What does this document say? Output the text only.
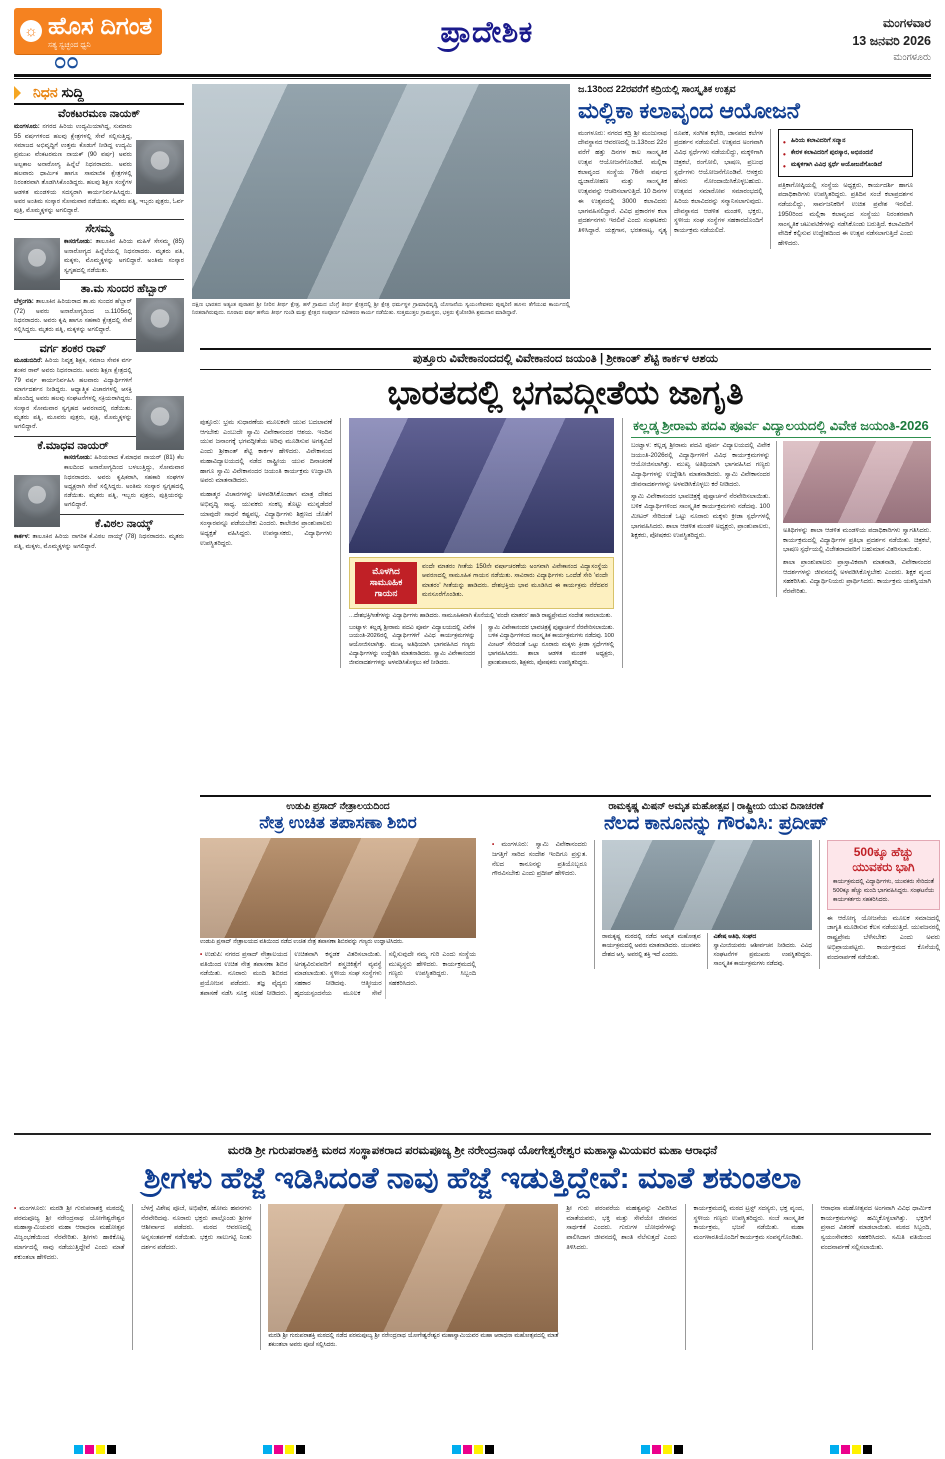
☼ ಹೊಸ ದಿಗಂತ
ಸತ್ಯ ಸ್ವಚ್ಛಂದ ಧ್ವನಿ
೦೦
ಪ್ರಾದೇಶಿಕ	ಮಂಗಳವಾರ
13 ಜನವರಿ 2026
ಮಂಗಳೂರು
ನಿಧನ ಸುದ್ದಿ
ವೆಂಕಟರಮಣ ನಾಯಕ್
ಮಂಗಳೂರು: ನಗರದ ಹಿರಿಯ ಉದ್ಯಮಿಯಾಗಿದ್ದ, ಸುಮಾರು 55 ವರ್ಷಗಳಿಂದ ಹಲವು ಕ್ಷೇತ್ರಗಳಲ್ಲಿ ಸೇವೆ ಸಲ್ಲಿಸುತ್ತಿದ್ದ, ಸಮಾಜದ ಅಭಿವೃದ್ಧಿಗೆ ಉತ್ತಮ ಕೊಡುಗೆ ನೀಡಿದ್ದ ಉದ್ಯಮಿ ಪ್ರಮುಖ ವೆಂಕಟರಮಣ ನಾಯಕ್ (90 ವರ್ಷ) ಅವರು ಅಲ್ಪಕಾಲ ಅನಾರೋಗ್ಯ ಹಿನ್ನೆಲೆ ನಿಧನರಾದರು. ಅವರು ಹಲವಾರು ಧಾರ್ಮಿಕ ಹಾಗೂ ಸಾಮಾಜಿಕ ಕ್ಷೇತ್ರಗಳಲ್ಲಿ ನಿರಂತರವಾಗಿ ತೊಡಗಿಸಿಕೊಂಡಿದ್ದರು. ಹಲವು ಶಿಕ್ಷಣ ಸಂಸ್ಥೆಗಳ ಆಡಳಿತ ಮಂಡಳಿಯ ಸದಸ್ಯರಾಗಿ ಕಾರ್ಯನಿರ್ವಹಿಸಿದ್ದರು. ಅವರ ಅಂತಿಮ ಸಂಸ್ಕಾರ ಸೋಮವಾರ ನಡೆಯಿತು. ಮೃತರು ಪತ್ನಿ, ಇಬ್ಬರು ಪುತ್ರರು, ಓರ್ವ ಪುತ್ರಿ, ಮೊಮ್ಮಕ್ಕಳನ್ನು ಅಗಲಿದ್ದಾರೆ.
ಸೇಸಮ್ಮ
ಕಾಸರಗೋಡು: ತಾಲೂಕಿನ ಹಿರಿಯ ಮಹಿಳೆ ಸೇಸಮ್ಮ (85) ಅನಾರೋಗ್ಯದ ಹಿನ್ನೆಲೆಯಲ್ಲಿ ನಿಧನರಾದರು. ಮೃತರು ಪತಿ, ಮಕ್ಕಳು, ಮೊಮ್ಮಕ್ಕಳನ್ನು ಅಗಲಿದ್ದಾರೆ. ಅಂತಿಮ ಸಂಸ್ಕಾರ ಸ್ವಗೃಹದಲ್ಲಿ ನಡೆಯಿತು.
ತಾ.ಮ ಸುಂದರ ಹೆಬ್ಬಾರ್
ಬೆಳ್ತಂಗಡಿ: ತಾಲೂಕಿನ ಹಿರಿಯರಾದ ತಾ.ಮ ಸುಂದರ ಹೆಬ್ಬಾರ್ (72) ಅವರು ಅನಾರೋಗ್ಯದಿಂದ ಜ.1105ರಲ್ಲಿ ನಿಧನರಾದರು. ಅವರು ಕೃಷಿ ಹಾಗೂ ಸಹಕಾರಿ ಕ್ಷೇತ್ರದಲ್ಲಿ ಸೇವೆ ಸಲ್ಲಿಸಿದ್ದರು. ಮೃತರು ಪತ್ನಿ, ಮಕ್ಕಳನ್ನು ಅಗಲಿದ್ದಾರೆ.
ವರ್ಗ ಶಂಕರ ರಾವ್
ಮೂಡುಬಿದಿರೆ: ಹಿರಿಯ ನಿವೃತ್ತ ಶಿಕ್ಷಕ, ಸಮಾಜ ಸೇವಕ ವರ್ಗ ಶಂಕರ ರಾವ್ ಅವರು ನಿಧನರಾದರು. ಅವರು ಶಿಕ್ಷಣ ಕ್ಷೇತ್ರದಲ್ಲಿ 79 ವರ್ಷ ಕಾರ್ಯನಿರ್ವಹಿಸಿ ಹಲವಾರು ವಿದ್ಯಾರ್ಥಿಗಳಿಗೆ ಮಾರ್ಗದರ್ಶನ ನೀಡಿದ್ದರು. ಆಧ್ಯಾತ್ಮಿಕ ವಿಚಾರಗಳಲ್ಲಿ ಆಸಕ್ತಿ ಹೊಂದಿದ್ದ ಅವರು ಹಲವು ಸಂಘಟನೆಗಳಲ್ಲಿ ಸಕ್ರಿಯರಾಗಿದ್ದರು. ಸಂಸ್ಕಾರ ಸೋಮವಾರ ಸ್ವಗೃಹದ ಆವರಣದಲ್ಲಿ ನಡೆಯಿತು. ಮೃತರು ಪತ್ನಿ, ಮೂವರು ಪುತ್ರರು, ಪುತ್ರಿ, ಮೊಮ್ಮಕ್ಕಳನ್ನು ಅಗಲಿದ್ದಾರೆ.
ಕೆ.ಮಾಧವ ನಾಯರ್
ಕಾಸರಗೋಡು: ಹಿರಿಯರಾದ ಕೆ.ಮಾಧವ ನಾಯರ್ (81) ಕೆಲ ಕಾಲದಿಂದ ಅನಾರೋಗ್ಯದಿಂದ ಬಳಲುತ್ತಿದ್ದು, ಸೋಮವಾರ ನಿಧನರಾದರು. ಅವರು ಕೃಷಿಕರಾಗಿ, ಸಹಕಾರಿ ಸಂಘಗಳ ಅಧ್ಯಕ್ಷರಾಗಿ ಸೇವೆ ಸಲ್ಲಿಸಿದ್ದರು. ಅಂತಿಮ ಸಂಸ್ಕಾರ ಸ್ವಗೃಹದಲ್ಲಿ ನಡೆಯಿತು. ಮೃತರು ಪತ್ನಿ, ಇಬ್ಬರು ಪುತ್ರರು, ಪುತ್ರಿಯರನ್ನು ಅಗಲಿದ್ದಾರೆ.
ಕೆ.ವಿಠಲ ನಾಯ್ಕ್
ಕಾರ್ಕಳ: ತಾಲೂಕಿನ ಹಿರಿಯ ನಾಗರಿಕ ಕೆ.ವಿಠಲ ನಾಯ್ಕ್ (78) ನಿಧನರಾದರು. ಮೃತರು ಪತ್ನಿ, ಮಕ್ಕಳು, ಮೊಮ್ಮಕ್ಕಳನ್ನು ಅಗಲಿದ್ದಾರೆ.
ದಕ್ಷಿಣ ಭಾರತದ ಅತ್ಯಂತ ಪುರಾತನ ಶ್ರೀ ನೀರಿನ ತೀರ್ಥ ಕ್ಷೇತ್ರ, ಹಳೆ ಗ್ರಾಮದ ಬೆಂಗ್ರೆ ತೀರ್ಥ ಕ್ಷೇತ್ರದಲ್ಲಿ ಶ್ರೀ ಕ್ಷೇತ್ರ ಧರ್ಮಸ್ಥಳ ಗ್ರಾಮಾಭಿವೃದ್ಧಿ ಯೋಜನೆಯ ಸ್ವಯಂಸೇವಕರು ಪುಷ್ಕರಿಣಿ ಹೂಳು ತೆಗೆಯುವ ಕಾರ್ಯದಲ್ಲಿ ನಿರತರಾಗಿರುವುದು. ನೂರಾರು ವರ್ಷ ಹಳೆಯ ತೀರ್ಥ ಗುಂಡಿ ಮತ್ತು ಕ್ಷೇತ್ರದ ಸಂಪೂರ್ಣ ನವೀಕರಣ ಕಾರ್ಯ ನಡೆಯಿತು. ಸುತ್ತಮುತ್ತಲ ಗ್ರಾಮಸ್ಥರು, ಭಕ್ತರು ಕೈಜೋಡಿಸಿ ಶ್ರಮದಾನ ಮಾಡಿದ್ದಾರೆ.
ಜ.13ರಿಂದ 22ರವರೆಗೆ ಕದ್ರಿಯಲ್ಲಿ ಸಾಂಸ್ಕೃತಿಕ ಉತ್ಸವ
ಮಲ್ಲಿಕಾ ಕಲಾವೃಂದ ಆಯೋಜನೆ
ಮಂಗಳೂರು: ನಗರದ ಕದ್ರಿ ಶ್ರೀ ಮಂಜುನಾಥ ದೇವಸ್ಥಾನದ ಆವರಣದಲ್ಲಿ ಜ.13ರಿಂದ 22ರ ವರೆಗೆ ಹತ್ತು ದಿನಗಳ ಕಾಲ ಸಾಂಸ್ಕೃತಿಕ ಉತ್ಸವ ಆಯೋಜನೆಗೊಂಡಿದೆ. ಮಲ್ಲಿಕಾ ಕಲಾವೃಂದ ಸಂಸ್ಥೆಯ 76ನೇ ವರ್ಷದ ಧ್ವಜಾರೋಹಣ ಮತ್ತು ಸಾಂಸ್ಕೃತಿಕ ಉತ್ಸವವನ್ನು ಆಚರಿಸಲಾಗುತ್ತಿದೆ. 10 ದಿನಗಳ ಈ ಉತ್ಸವದಲ್ಲಿ 3000 ಕಲಾವಿದರು ಭಾಗವಹಿಸಲಿದ್ದಾರೆ. ವಿವಿಧ ಪ್ರಕಾರಗಳ ಕಲಾ ಪ್ರದರ್ಶನಗಳು ಇರಲಿವೆ ಎಂದು ಸಂಘಟಕರು ತಿಳಿಸಿದ್ದಾರೆ. ಯಕ್ಷಗಾನ, ಭರತನಾಟ್ಯ, ನೃತ್ಯ ರೂಪಕ, ಸಂಗೀತ ಕಛೇರಿ, ಜಾನಪದ ಕಲೆಗಳ ಪ್ರದರ್ಶನ ನಡೆಯಲಿದೆ. ಉತ್ಸವದ ಅಂಗವಾಗಿ ವಿವಿಧ ಸ್ಪರ್ಧೆಗಳು ನಡೆಯಲಿದ್ದು, ಮಕ್ಕಳಿಗಾಗಿ ಚಿತ್ರಕಲೆ, ರಂಗೋಲಿ, ಭಾಷಣ, ಪ್ರಬಂಧ ಸ್ಪರ್ಧೆಗಳು ಆಯೋಜನೆಗೊಂಡಿವೆ. ಆಸಕ್ತರು ಹೆಸರು ನೋಂದಾಯಿಸಿಕೊಳ್ಳಬಹುದು. ಉತ್ಸವದ ಸಮಾರೋಪ ಸಮಾರಂಭದಲ್ಲಿ ಹಿರಿಯ ಕಲಾವಿದರನ್ನು ಸನ್ಮಾನಿಸಲಾಗುವುದು. ದೇವಸ್ಥಾನದ ಆಡಳಿತ ಮಂಡಳಿ, ಭಕ್ತರು, ಸ್ಥಳೀಯ ಸಂಘ ಸಂಸ್ಥೆಗಳ ಸಹಕಾರದೊಂದಿಗೆ ಕಾರ್ಯಕ್ರಮ ನಡೆಯಲಿದೆ.
• ಹಿರಿಯ ಕಲಾವಿದರಿಗೆ ಸನ್ಮಾನ
• ಕೇರಳ ಕಲಾವಿದರಿಗೆ ಪುರಸ್ಕಾರ, ಅಭಿನಂದನೆ
• ಮಕ್ಕಳಿಗಾಗಿ ವಿವಿಧ ಸ್ಪರ್ಧೆ ಆಯೋಜನೆಗೊಂಡಿದೆ
ಪತ್ರಿಕಾಗೋಷ್ಠಿಯಲ್ಲಿ ಸಂಸ್ಥೆಯ ಅಧ್ಯಕ್ಷರು, ಕಾರ್ಯದರ್ಶಿ ಹಾಗೂ ಪದಾಧಿಕಾರಿಗಳು ಉಪಸ್ಥಿತರಿದ್ದರು. ಪ್ರತಿದಿನ ಸಂಜೆ ಕಲಾಪ್ರದರ್ಶನ ನಡೆಯಲಿದ್ದು, ಸಾರ್ವಜನಿಕರಿಗೆ ಉಚಿತ ಪ್ರವೇಶ ಇರಲಿದೆ. 1950ರಿಂದ ಮಲ್ಲಿಕಾ ಕಲಾವೃಂದ ಸಂಸ್ಥೆಯು ನಿರಂತರವಾಗಿ ಸಾಂಸ್ಕೃತಿಕ ಚಟುವಟಿಕೆಗಳನ್ನು ನಡೆಸಿಕೊಂಡು ಬರುತ್ತಿದೆ. ಕಲಾವಿದರಿಗೆ ವೇದಿಕೆ ಕಲ್ಪಿಸುವ ಉದ್ದೇಶದಿಂದ ಈ ಉತ್ಸವ ನಡೆಸಲಾಗುತ್ತಿದೆ ಎಂದು ಹೇಳಿದರು.
ಪುತ್ತೂರು ವಿವೇಕಾನಂದದಲ್ಲಿ ವಿವೇಕಾನಂದ ಜಯಂತಿ | ಶ್ರೀಕಾಂತ್ ಶೆಟ್ಟಿ ಕಾರ್ಕಳ ಆಶಯ
ಭಾರತದಲ್ಲಿ ಭಗವದ್ಗೀತೆಯ ಜಾಗೃತಿ
ಪುತ್ತೂರು: ಭ್ರಮ ಸುಧಾರಣೆಯ ಮೂಲಕವೇ ಯುವ ಬದಲಾವಣೆ ಆಗಬೇಕು ಎಂಬುದೇ ಸ್ವಾಮಿ ವಿವೇಕಾನಂದರ ಆಶಯ. ಇಂದಿನ ಯುವ ಜನಾಂಗಕ್ಕೆ ಭಗವದ್ಗೀತೆಯ ಅರಿವು ಮೂಡಿಸುವ ಅಗತ್ಯವಿದೆ ಎಂದು ಶ್ರೀಕಾಂತ್ ಶೆಟ್ಟಿ ಕಾರ್ಕಳ ಹೇಳಿದರು. ವಿವೇಕಾನಂದ ಮಹಾವಿದ್ಯಾಲಯದಲ್ಲಿ ನಡೆದ ರಾಷ್ಟ್ರೀಯ ಯುವ ದಿನಾಚರಣೆ ಹಾಗೂ ಸ್ವಾಮಿ ವಿವೇಕಾನಂದರ ಜಯಂತಿ ಕಾರ್ಯಕ್ರಮ ಉದ್ಘಾಟಿಸಿ ಅವರು ಮಾತನಾಡಿದರು.
ಮಹಾತ್ಮರ ವಿಚಾರಗಳನ್ನು ಅಳವಡಿಸಿಕೊಂಡಾಗ ಮಾತ್ರ ದೇಶದ ಅಭಿವೃದ್ಧಿ ಸಾಧ್ಯ. ಯುವಕರು ಸಂಕಲ್ಪ ತೊಟ್ಟು ಮುನ್ನಡೆದರೆ ಯಾವುದೇ ಸಾಧನೆ ಕಷ್ಟವಲ್ಲ. ವಿದ್ಯಾರ್ಥಿಗಳು ಶಿಕ್ಷಣದ ಜೊತೆಗೆ ಸಂಸ್ಕಾರವನ್ನೂ ಪಡೆಯಬೇಕು ಎಂದರು. ಕಾಲೇಜಿನ ಪ್ರಾಂಶುಪಾಲರು ಅಧ್ಯಕ್ಷತೆ ವಹಿಸಿದ್ದರು. ಉಪನ್ಯಾಸಕರು, ವಿದ್ಯಾರ್ಥಿಗಳು ಉಪಸ್ಥಿತರಿದ್ದರು.
ಮೊಳಗಿದ ಸಾಮೂಹಿಕ ಗಾಯನ
ವಂದೇ ಮಾತರಂ ಗೀತೆಯ 150ನೇ ವರ್ಷಾಚರಣೆಯ ಅಂಗವಾಗಿ ವಿವೇಕಾನಂದ ವಿದ್ಯಾಸಂಸ್ಥೆಯ ಆವರಣದಲ್ಲಿ ಸಾಮೂಹಿಕ ಗಾಯನ ನಡೆಯಿತು. ಸಾವಿರಾರು ವಿದ್ಯಾರ್ಥಿಗಳು ಒಂದೆಡೆ ಸೇರಿ 'ವಂದೇ ಮಾತರಂ' ಗೀತೆಯನ್ನು ಹಾಡಿದರು. ದೇಶಭಕ್ತಿಯ ಭಾವ ಮೂಡಿಸಿದ ಈ ಕಾರ್ಯಕ್ರಮ ನೆರೆದವರ ಮನಸೂರೆಗೊಂಡಿತು.
...ದೇಶಭಕ್ತಿಗೀತೆಗಳನ್ನು ವಿದ್ಯಾರ್ಥಿಗಳು ಹಾಡಿದರು. ಸಾಮೂಹಿಕವಾಗಿ ಕೊನೆಯಲ್ಲಿ 'ವಂದೇ ಮಾತರಂ' ಹಾಡಿ ರಾಷ್ಟ್ರಪ್ರೇಮದ ಸಂದೇಶ ಸಾರಲಾಯಿತು.
ಬಂಟ್ವಾಳ: ಕಲ್ಲಡ್ಕ ಶ್ರೀರಾಮ ಪದವಿ ಪೂರ್ವ ವಿದ್ಯಾಲಯದಲ್ಲಿ ವಿವೇಕ ಜಯಂತಿ-2026ರಲ್ಲಿ ವಿದ್ಯಾರ್ಥಿಗಳಿಗೆ ವಿವಿಧ ಕಾರ್ಯಕ್ರಮಗಳನ್ನು ಆಯೋಜಿಸಲಾಗಿತ್ತು. ಮುಖ್ಯ ಅತಿಥಿಯಾಗಿ ಭಾಗವಹಿಸಿದ ಗಣ್ಯರು ವಿದ್ಯಾರ್ಥಿಗಳನ್ನು ಉದ್ದೇಶಿಸಿ ಮಾತನಾಡಿದರು. ಸ್ವಾಮಿ ವಿವೇಕಾನಂದರ ಜೀವನಾದರ್ಶಗಳನ್ನು ಅಳವಡಿಸಿಕೊಳ್ಳಲು ಕರೆ ನೀಡಿದರು.
ಸ್ವಾಮಿ ವಿವೇಕಾನಂದರ ಭಾವಚಿತ್ರಕ್ಕೆ ಪುಷ್ಪಾರ್ಚನೆ ನೆರವೇರಿಸಲಾಯಿತು. ಬಳಿಕ ವಿದ್ಯಾರ್ಥಿಗಳಿಂದ ಸಾಂಸ್ಕೃತಿಕ ಕಾರ್ಯಕ್ರಮಗಳು ನಡೆದವು. 100 ಮೀಟರ್ ಸೇರಿದಂತೆ ಒಟ್ಟು ನೂರಾರು ಮಕ್ಕಳು ಕ್ರೀಡಾ ಸ್ಪರ್ಧೆಗಳಲ್ಲಿ ಭಾಗವಹಿಸಿದರು. ಶಾಲಾ ಆಡಳಿತ ಮಂಡಳಿ ಅಧ್ಯಕ್ಷರು, ಪ್ರಾಂಶುಪಾಲರು, ಶಿಕ್ಷಕರು, ಪೋಷಕರು ಉಪಸ್ಥಿತರಿದ್ದರು.
ಕಲ್ಲಡ್ಕ ಶ್ರೀರಾಮ ಪದವಿ ಪೂರ್ವ ವಿದ್ಯಾಲಯದಲ್ಲಿ ವಿವೇಕ ಜಯಂತಿ-2026
ಬಂಟ್ವಾಳ: ಕಲ್ಲಡ್ಕ ಶ್ರೀರಾಮ ಪದವಿ ಪೂರ್ವ ವಿದ್ಯಾಲಯದಲ್ಲಿ ವಿವೇಕ ಜಯಂತಿ-2026ರಲ್ಲಿ ವಿದ್ಯಾರ್ಥಿಗಳಿಗೆ ವಿವಿಧ ಕಾರ್ಯಕ್ರಮಗಳನ್ನು ಆಯೋಜಿಸಲಾಗಿತ್ತು. ಮುಖ್ಯ ಅತಿಥಿಯಾಗಿ ಭಾಗವಹಿಸಿದ ಗಣ್ಯರು ವಿದ್ಯಾರ್ಥಿಗಳನ್ನು ಉದ್ದೇಶಿಸಿ ಮಾತನಾಡಿದರು. ಸ್ವಾಮಿ ವಿವೇಕಾನಂದರ ಜೀವನಾದರ್ಶಗಳನ್ನು ಅಳವಡಿಸಿಕೊಳ್ಳಲು ಕರೆ ನೀಡಿದರು.
ಸ್ವಾಮಿ ವಿವೇಕಾನಂದರ ಭಾವಚಿತ್ರಕ್ಕೆ ಪುಷ್ಪಾರ್ಚನೆ ನೆರವೇರಿಸಲಾಯಿತು. ಬಳಿಕ ವಿದ್ಯಾರ್ಥಿಗಳಿಂದ ಸಾಂಸ್ಕೃತಿಕ ಕಾರ್ಯಕ್ರಮಗಳು ನಡೆದವು. 100 ಮೀಟರ್ ಸೇರಿದಂತೆ ಒಟ್ಟು ನೂರಾರು ಮಕ್ಕಳು ಕ್ರೀಡಾ ಸ್ಪರ್ಧೆಗಳಲ್ಲಿ ಭಾಗವಹಿಸಿದರು. ಶಾಲಾ ಆಡಳಿತ ಮಂಡಳಿ ಅಧ್ಯಕ್ಷರು, ಪ್ರಾಂಶುಪಾಲರು, ಶಿಕ್ಷಕರು, ಪೋಷಕರು ಉಪಸ್ಥಿತರಿದ್ದರು.
ಅತಿಥಿಗಳನ್ನು ಶಾಲಾ ಆಡಳಿತ ಮಂಡಳಿಯ ಪದಾಧಿಕಾರಿಗಳು ಸ್ವಾಗತಿಸಿದರು. ಕಾರ್ಯಕ್ರಮದಲ್ಲಿ ವಿದ್ಯಾರ್ಥಿಗಳ ಪ್ರತಿಭಾ ಪ್ರದರ್ಶನ ನಡೆಯಿತು. ಚಿತ್ರಕಲೆ, ಭಾಷಣ ಸ್ಪರ್ಧೆಯಲ್ಲಿ ವಿಜೇತರಾದವರಿಗೆ ಬಹುಮಾನ ವಿತರಿಸಲಾಯಿತು.
ಶಾಲಾ ಪ್ರಾಂಶುಪಾಲರು ಪ್ರಾಸ್ತಾವಿಕವಾಗಿ ಮಾತನಾಡಿ, ವಿವೇಕಾನಂದರ ಆದರ್ಶಗಳನ್ನು ಜೀವನದಲ್ಲಿ ಅಳವಡಿಸಿಕೊಳ್ಳಬೇಕು ಎಂದರು. ಶಿಕ್ಷಕ ವೃಂದ ಸಹಕರಿಸಿತು. ವಿದ್ಯಾರ್ಥಿನಿಯರು ಪ್ರಾರ್ಥಿಸಿದರು. ಕಾರ್ಯಕ್ರಮ ಯಶಸ್ವಿಯಾಗಿ ನೆರವೇರಿತು.
ಉಡುಪಿ ಪ್ರಸಾದ್ ನೇತ್ರಾಲಯದಿಂದ
ನೇತ್ರ ಉಚಿತ ತಪಾಸಣಾ ಶಿಬಿರ
ಉಡುಪಿ ಪ್ರಸಾದ್ ನೇತ್ರಾಲಯದ ವತಿಯಿಂದ ನಡೆದ ಉಚಿತ ನೇತ್ರ ತಪಾಸಣಾ ಶಿಬಿರವನ್ನು ಗಣ್ಯರು ಉದ್ಘಾಟಿಸಿದರು.
• ಉಡುಪಿ: ನಗರದ ಪ್ರಸಾದ್ ನೇತ್ರಾಲಯದ ವತಿಯಿಂದ ಉಚಿತ ನೇತ್ರ ತಪಾಸಣಾ ಶಿಬಿರ ನಡೆಯಿತು. ನೂರಾರು ಮಂದಿ ಶಿಬಿರದ ಪ್ರಯೋಜನ ಪಡೆದರು. ತಜ್ಞ ವೈದ್ಯರು ತಪಾಸಣೆ ನಡೆಸಿ ಸೂಕ್ತ ಸಲಹೆ ನೀಡಿದರು. ಉಚಿತವಾಗಿ ಕನ್ನಡಕ ವಿತರಿಸಲಾಯಿತು. ಅಗತ್ಯವಿರುವವರಿಗೆ ಶಸ್ತ್ರಚಿಕಿತ್ಸೆಗೆ ವ್ಯವಸ್ಥೆ ಮಾಡಲಾಯಿತು. ಸ್ಥಳೀಯ ಸಂಘ ಸಂಸ್ಥೆಗಳು ಸಹಕಾರ ನೀಡಿದವು. ಆತ್ಮೀಯರ ಹೃದಯಸ್ಪಂದನೆಯ ಮೂಲಕ ಸೇವೆ ಸಲ್ಲಿಸುವುದೇ ನಮ್ಮ ಗುರಿ ಎಂದು ಸಂಸ್ಥೆಯ ಮುಖ್ಯಸ್ಥರು ಹೇಳಿದರು. ಕಾರ್ಯಕ್ರಮದಲ್ಲಿ ಗಣ್ಯರು ಉಪಸ್ಥಿತರಿದ್ದರು. ಸಿಬ್ಬಂದಿ ಸಹಕರಿಸಿದರು.
ರಾಮಕೃಷ್ಣ ಮಿಷನ್ ಅಮೃತ ಮಹೋತ್ಸವ | ರಾಷ್ಟ್ರೀಯ ಯುವ ದಿನಾಚರಣೆ
ನೆಲದ ಕಾನೂನನ್ನು ಗೌರವಿಸಿ: ಪ್ರದೀಪ್
• ಮಂಗಳೂರು: ಸ್ವಾಮಿ ವಿವೇಕಾನಂದರು ಜಗತ್ತಿಗೆ ಸಾರಿದ ಸಂದೇಶ ಇಂದಿಗೂ ಪ್ರಸ್ತುತ. ನೆಲದ ಕಾನೂನನ್ನು ಪ್ರತಿಯೊಬ್ಬರೂ ಗೌರವಿಸಬೇಕು ಎಂದು ಪ್ರದೀಪ್ ಹೇಳಿದರು.
ರಾಮಕೃಷ್ಣ ಮಠದಲ್ಲಿ ನಡೆದ ಅಮೃತ ಮಹೋತ್ಸವ ಕಾರ್ಯಕ್ರಮದಲ್ಲಿ ಅವರು ಮಾತನಾಡಿದರು. ಯುವಕರು ದೇಶದ ಆಸ್ತಿ. ಅವರಲ್ಲಿ ಶಕ್ತಿ ಇದೆ ಎಂದರು.
ವಿಶೇಷ ಅತಿಥಿ, ಸಂಘದ
ಸ್ವಾಮೀಜಿಯವರು ಆಶೀರ್ವಚನ ನೀಡಿದರು. ವಿವಿಧ ಸಂಘಟನೆಗಳ ಪ್ರಮುಖರು ಉಪಸ್ಥಿತರಿದ್ದರು. ಸಾಂಸ್ಕೃತಿಕ ಕಾರ್ಯಕ್ರಮಗಳು ನಡೆದವು.
500ಕ್ಕೂ ಹೆಚ್ಚು ಯುವಕರು ಭಾಗಿ
ಕಾರ್ಯಕ್ರಮದಲ್ಲಿ ವಿದ್ಯಾರ್ಥಿಗಳು, ಯುವಕರು ಸೇರಿದಂತೆ 500ಕ್ಕೂ ಹೆಚ್ಚು ಮಂದಿ ಭಾಗವಹಿಸಿದ್ದರು. ಸಂಘಟನೆಯ ಕಾರ್ಯಕರ್ತರು ಸಹಕರಿಸಿದರು.
ಈ ಆರೋಗ್ಯ ಯೋಜನೆಯ ಮೂಲಕ ಸಮಾಜದಲ್ಲಿ ಜಾಗೃತಿ ಮೂಡಿಸುವ ಕೆಲಸ ನಡೆಯುತ್ತಿದೆ. ಯುವಜನರಲ್ಲಿ ರಾಷ್ಟ್ರಪ್ರೇಮ ಬೆಳೆಸಬೇಕು ಎಂದು ಅವರು ಅಭಿಪ್ರಾಯಪಟ್ಟರು. ಕಾರ್ಯಕ್ರಮದ ಕೊನೆಯಲ್ಲಿ ವಂದನಾರ್ಪಣೆ ನಡೆಯಿತು.
ಮರಡಿ ಶ್ರೀ ಗುರುಪರಾಶಕ್ತಿ ಮಠದ ಸಂಸ್ಥಾಪಕರಾದ ಪರಮಪೂಜ್ಯ ಶ್ರೀ ನರೇಂದ್ರನಾಥ ಯೋಗೇಶ್ವರೇಶ್ವರ ಮಹಾಸ್ವಾಮಿಯವರ ಮಹಾ ಆರಾಧನೆ
ಶ್ರೀಗಳು ಹೆಜ್ಜೆ ಇಡಿಸಿದಂತೆ ನಾವು ಹೆಜ್ಜೆ ಇಡುತ್ತಿದ್ದೇವೆ: ಮಾತೆ ಶಕುಂತಲಾ
• ಮಂಗಳೂರು: ಮರಡಿ ಶ್ರೀ ಗುರುಪರಾಶಕ್ತಿ ಮಠದಲ್ಲಿ ಪರಮಪೂಜ್ಯ ಶ್ರೀ ನರೇಂದ್ರನಾಥ ಯೋಗೇಶ್ವರೇಶ್ವರ ಮಹಾಸ್ವಾಮಿಯವರ ಮಹಾ ಆರಾಧನಾ ಮಹೋತ್ಸವ ವಿಜೃಂಭಣೆಯಿಂದ ನೆರವೇರಿತು. ಶ್ರೀಗಳು ಹಾಕಿಕೊಟ್ಟ ಮಾರ್ಗದಲ್ಲಿ ನಾವು ನಡೆಯುತ್ತಿದ್ದೇವೆ ಎಂದು ಮಾತೆ ಶಕುಂತಲಾ ಹೇಳಿದರು.
ಬೆಳಗ್ಗೆ ವಿಶೇಷ ಪೂಜೆ, ಅಭಿಷೇಕ, ಹೋಮ ಹವನಗಳು ನೆರವೇರಿದವು. ನೂರಾರು ಭಕ್ತರು ಪಾಲ್ಗೊಂಡು ಶ್ರೀಗಳ ಆಶೀರ್ವಾದ ಪಡೆದರು. ಮಠದ ಆವರಣದಲ್ಲಿ ಅನ್ನಸಂತರ್ಪಣೆ ನಡೆಯಿತು. ಭಕ್ತರು ಸಾಲುಗಟ್ಟಿ ನಿಂತು ದರ್ಶನ ಪಡೆದರು.
ಮರಡಿ ಶ್ರೀ ಗುರುಪರಾಶಕ್ತಿ ಮಠದಲ್ಲಿ ನಡೆದ ಪರಮಪೂಜ್ಯ ಶ್ರೀ ನರೇಂದ್ರನಾಥ ಯೋಗೇಶ್ವರೇಶ್ವರ ಮಹಾಸ್ವಾಮಿಯವರ ಮಹಾ ಆರಾಧನಾ ಮಹೋತ್ಸವದಲ್ಲಿ ಮಾತೆ ಶಕುಂತಲಾ ಅವರು ಪೂಜೆ ಸಲ್ಲಿಸಿದರು.
ಶ್ರೀ ಗುರು ಪರಂಪರೆಯ ಮಹತ್ವವನ್ನು ವಿವರಿಸಿದ ಮಾತೆಯವರು, ಭಕ್ತಿ ಮತ್ತು ಸೇವೆಯೇ ಜೀವನದ ಸಾರ್ಥಕತೆ ಎಂದರು. ಗುರುಗಳ ಬೋಧನೆಗಳನ್ನು ಪಾಲಿಸಿದಾಗ ಜೀವನದಲ್ಲಿ ಶಾಂತಿ ನೆಲೆಸುತ್ತದೆ ಎಂದು ತಿಳಿಸಿದರು.
ಕಾರ್ಯಕ್ರಮದಲ್ಲಿ ಮಠದ ಟ್ರಸ್ಟ್ ಸದಸ್ಯರು, ಭಕ್ತ ವೃಂದ, ಸ್ಥಳೀಯ ಗಣ್ಯರು ಉಪಸ್ಥಿತರಿದ್ದರು. ಸಂಜೆ ಸಾಂಸ್ಕೃತಿಕ ಕಾರ್ಯಕ್ರಮ, ಭಜನೆ ನಡೆಯಿತು. ಮಹಾ ಮಂಗಳಾರತಿಯೊಂದಿಗೆ ಕಾರ್ಯಕ್ರಮ ಸಂಪನ್ನಗೊಂಡಿತು.
ಆರಾಧನಾ ಮಹೋತ್ಸವದ ಅಂಗವಾಗಿ ವಿವಿಧ ಧಾರ್ಮಿಕ ಕಾರ್ಯಕ್ರಮಗಳನ್ನು ಹಮ್ಮಿಕೊಳ್ಳಲಾಗಿತ್ತು. ಭಕ್ತರಿಗೆ ಪ್ರಸಾದ ವಿತರಣೆ ಮಾಡಲಾಯಿತು. ಮಠದ ಸಿಬ್ಬಂದಿ, ಸ್ವಯಂಸೇವಕರು ಸಹಕರಿಸಿದರು. ಸಮಿತಿ ವತಿಯಿಂದ ವಂದನಾರ್ಪಣೆ ಸಲ್ಲಿಸಲಾಯಿತು.
